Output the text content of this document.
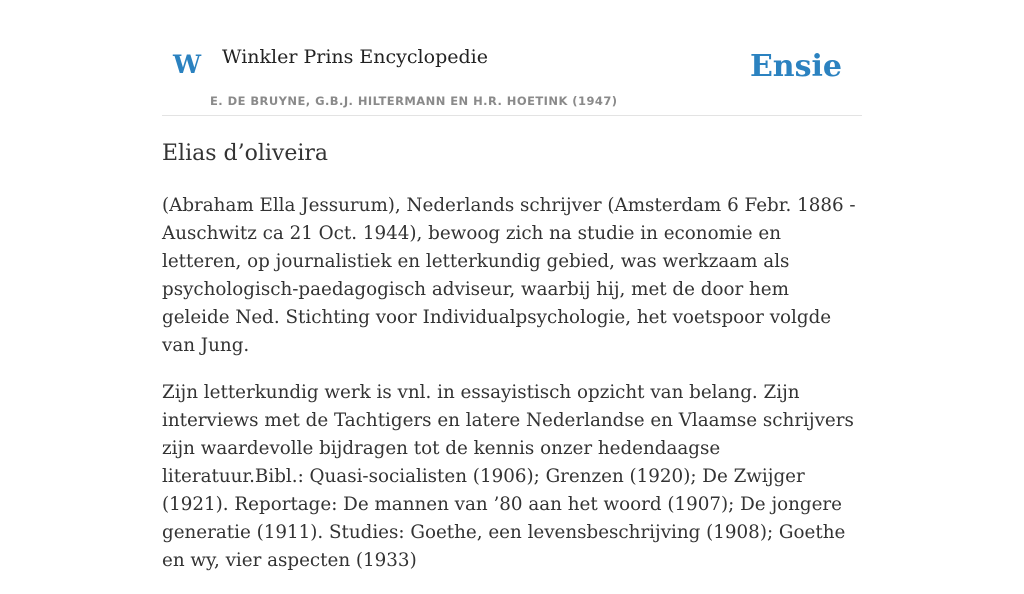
W Winkler Prins Encyclopedie
E. DE BRUYNE, G.B.J. HILTERMANN EN H.R. HOETINK (1947)
Ensie
Elias d’oliveira

(Abraham Ella Jessurum), Nederlands schrijver (Amsterdam 6 Febr. 1886 - Auschwitz ca 21 Oct. 1944), bewoog zich na studie in economie en letteren, op journalistiek en letterkundig gebied, was werkzaam als psychologisch-paedagogisch adviseur, waarbij hij, met de door hem geleide Ned. Stichting voor Individualpsychologie, het voetspoor volgde van Jung.

Zijn letterkundig werk is vnl. in essayistisch opzicht van belang. Zijn interviews met de Tachtigers en latere Nederlandse en Vlaamse schrijvers zijn waardevolle bijdragen tot de kennis onzer hedendaagse literatuur.Bibl.: Quasi-socialisten (1906); Grenzen (1920); De Zwijger (1921). Reportage: De mannen van ’80 aan het woord (1907); De jongere generatie (1911). Studies: Goethe, een levensbeschrijving (1908); Goethe en wy, vier aspecten (1933)
